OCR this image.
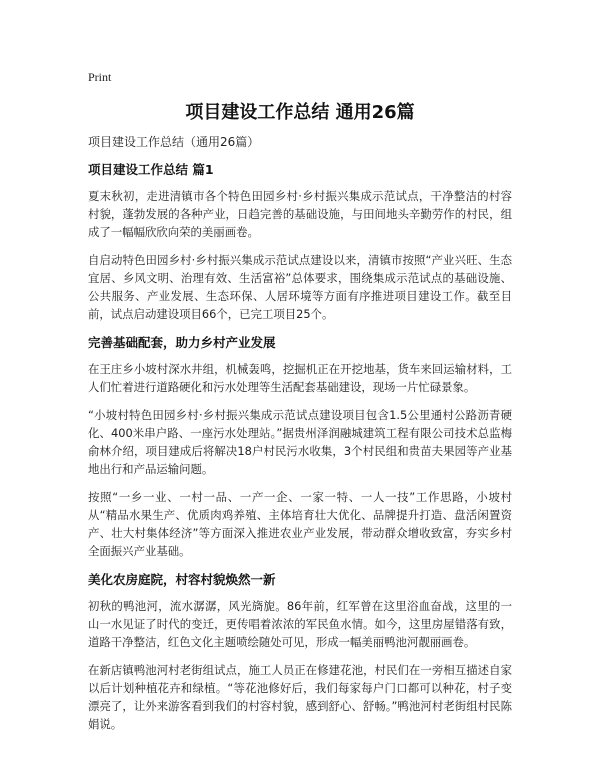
Print
项目建设工作总结 通用26篇

项目建设工作总结（通用26篇）

项目建设工作总结 篇1

夏末秋初，走进清镇市各个特色田园乡村·乡村振兴集成示范试点，干净整洁的村容村貌，蓬勃发展的各种产业，日趋完善的基础设施，与田间地头辛勤劳作的村民，组成了一幅幅欣欣向荣的美丽画卷。

自启动特色田园乡村·乡村振兴集成示范试点建设以来，清镇市按照“产业兴旺、生态宜居、乡风文明、治理有效、生活富裕”总体要求，围绕集成示范试点的基础设施、公共服务、产业发展、生态环保、人居环境等方面有序推进项目建设工作。截至目前，试点启动建设项目66个，已完工项目25个。

完善基础配套，助力乡村产业发展

在王庄乡小坡村深水井组，机械轰鸣，挖掘机正在开挖地基，货车来回运输材料，工人们忙着进行道路硬化和污水处理等生活配套基础建设，现场一片忙碌景象。

“小坡村特色田园乡村·乡村振兴集成示范试点建设项目包含1.5公里通村公路沥青硬化、400米串户路、一座污水处理站。”据贵州泽润融城建筑工程有限公司技术总监梅俞林介绍，项目建成后将解决18户村民污水收集，3个村民组和贵苗夫果园等产业基地出行和产品运输问题。

按照“一乡一业、一村一品、一产一企、一家一特、一人一技”工作思路，小坡村从“精品水果生产、优质肉鸡养殖、主体培育壮大优化、品牌提升打造、盘活闲置资产、壮大村集体经济”等方面深入推进农业产业发展，带动群众增收致富，夯实乡村全面振兴产业基础。

美化农房庭院，村容村貌焕然一新

初秋的鸭池河，流水潺潺，风光旖旎。86年前，红军曾在这里浴血奋战，这里的一山一水见证了时代的变迁，更传唱着浓浓的军民鱼水情。如今，这里房屋错落有致，道路干净整洁，红色文化主题喷绘随处可见，形成一幅美丽鸭池河靓丽画卷。

在新店镇鸭池河村老街组试点，施工人员正在修建花池，村民们在一旁相互描述自家以后计划种植花卉和绿植。“等花池修好后，我们每家每户门口都可以种花，村子变漂亮了，让外来游客看到我们的村容村貌，感到舒心、舒畅。”鸭池河村老街组村民陈娟说。
